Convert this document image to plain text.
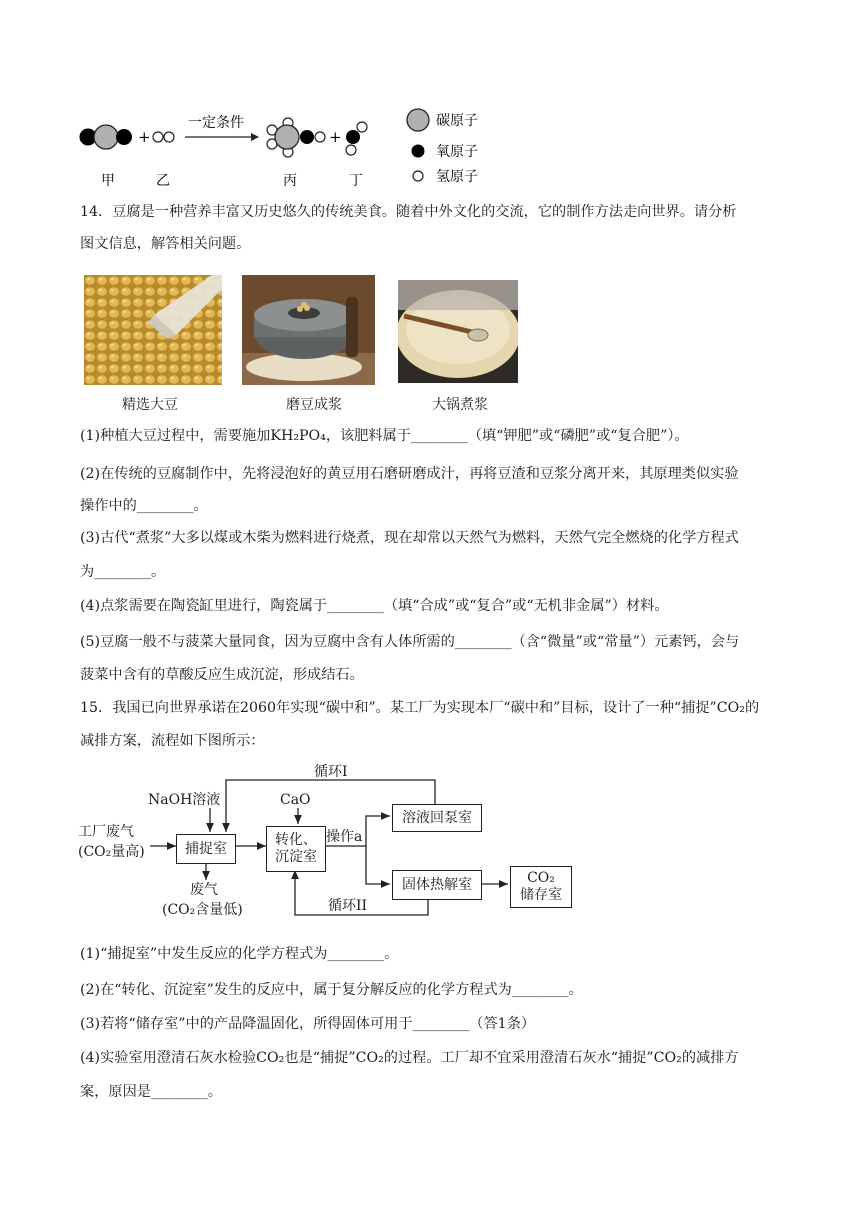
+
一定条件
+
碳原子
氧原子
氢原子
甲	乙	丙	丁
14．豆腐是一种营养丰富又历史悠久的传统美食。随着中外文化的交流，它的制作方法走向世界。请分析
图文信息，解答相关问题。
精选大豆	磨豆成浆	大锅煮浆
(1)种植大豆过程中，需要施加KH₂PO₄，该肥料属于________（填“钾肥”或“磷肥”或“复合肥”）。
(2)在传统的豆腐制作中，先将浸泡好的黄豆用石磨研磨成汁，再将豆渣和豆浆分离开来，其原理类似实验
操作中的________。
(3)古代“煮浆”大多以煤或木柴为燃料进行烧煮，现在却常以天然气为燃料，天然气完全燃烧的化学方程式
为________。
(4)点浆需要在陶瓷缸里进行，陶瓷属于________（填“合成”或“复合”或“无机非金属”）材料。
(5)豆腐一般不与菠菜大量同食，因为豆腐中含有人体所需的________（含“微量”或“常量”）元素钙，会与
菠菜中含有的草酸反应生成沉淀，形成结石。
15．我国已向世界承诺在2060年实现“碳中和”。某工厂为实现本厂“碳中和”目标，设计了一种“捕捉”CO₂的
减排方案，流程如下图所示：
循环I
NaOH溶液	CaO
工厂废气
(CO₂量高)	捕捉室
转化、
沉淀室
操作a
溶液回泵室
固体热解室	CO₂
储存室
废气
(CO₂含量低)	循环II
(1)“捕捉室”中发生反应的化学方程式为________。
(2)在“转化、沉淀室”发生的反应中，属于复分解反应的化学方程式为________。
(3)若将“储存室”中的产品降温固化，所得固体可用于________（答1条）
(4)实验室用澄清石灰水检验CO₂也是“捕捉”CO₂的过程。工厂却不宜采用澄清石灰水“捕捉”CO₂的减排方
案，原因是________。
